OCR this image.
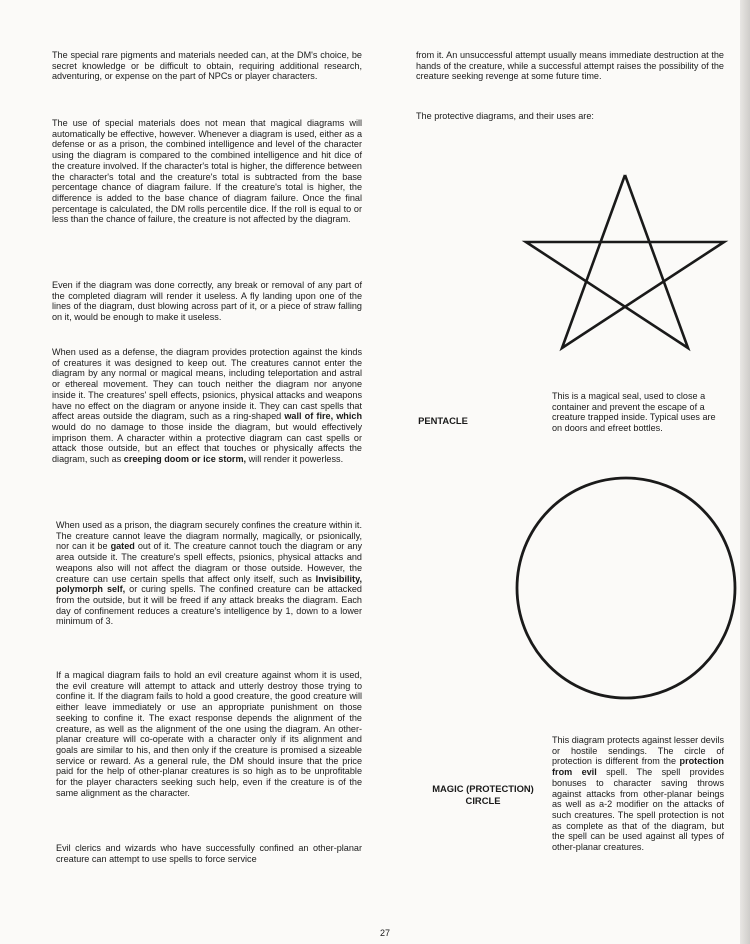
The special rare pigments and materials needed can, at the DM's choice, be secret knowledge or be difficult to obtain, requiring additional research, adventuring, or expense on the part of NPCs or player characters.

The use of special materials does not mean that magical diagrams will automatically be effective, however. Whenever a diagram is used, either as a defense or as a prison, the combined intelligence and level of the character using the diagram is compared to the combined intelligence and hit dice of the creature involved. If the character's total is higher, the difference between the character's total and the creature's total is subtracted from the base percentage chance of diagram failure. If the creature's total is higher, the difference is added to the base chance of diagram failure. Once the final percentage is calculated, the DM rolls percentile dice. If the roll is equal to or less than the chance of failure, the creature is not affected by the diagram.

Even if the diagram was done correctly, any break or removal of any part of the completed diagram will render it useless. A fly landing upon one of the lines of the diagram, dust blowing across part of it, or a piece of straw falling on it, would be enough to make it useless.

When used as a defense, the diagram provides protection against the kinds of creatures it was designed to keep out. The creatures cannot enter the diagram by any normal or magical means, including teleportation and astral or ethereal movement. They can touch neither the diagram nor anyone inside it. The creatures' spell effects, psionics, physical attacks and weapons have no effect on the diagram or anyone inside it. They can cast spells that affect areas outside the diagram, such as a ring-shaped wall of fire, which would do no damage to those inside the diagram, but would effectively imprison them. A character within a protective diagram can cast spells or attack those outside, but an effect that touches or physically affects the diagram, such as creeping doom or ice storm, will render it powerless.

When used as a prison, the diagram securely confines the creature within it. The creature cannot leave the diagram normally, magically, or psionically, nor can it be gated out of it. The creature cannot touch the diagram or any area outside it. The creature's spell effects, psionics, physical attacks and weapons also will not affect the diagram or those outside. However, the creature can use certain spells that affect only itself, such as Invisibility, polymorph self, or curing spells. The confined creature can be attacked from the outside, but it will be freed if any attack breaks the diagram. Each day of confinement reduces a creature's intelligence by 1, down to a lower minimum of 3.

If a magical diagram fails to hold an evil creature against whom it is used, the evil creature will attempt to attack and utterly destroy those trying to confine it. If the diagram fails to hold a good creature, the good creature will either leave immediately or use an appropriate punishment on those seeking to confine it. The exact response depends the alignment of the creature, as well as the alignment of the one using the diagram. An other-planar creature will co-operate with a character only if its alignment and goals are similar to his, and then only if the creature is promised a sizeable service or reward. As a general rule, the DM should insure that the price paid for the help of other-planar creatures is so high as to be unprofitable for the player characters seeking such help, even if the creature is of the same alignment as the character.

Evil clerics and wizards who have successfully confined an other-planar creature can attempt to use spells to force service

from it. An unsuccessful attempt usually means immediate destruction at the hands of the creature, while a successful attempt raises the possibility of the creature seeking revenge at some future time.

The protective diagrams, and their uses are:

PENTACLE

This is a magical seal, used to close a container and prevent the escape of a creature trapped inside. Typical uses are on doors and efreet bottles.

MAGIC (PROTECTION)
CIRCLE

This diagram protects against lesser devils or hostile sendings. The circle of protection is different from the protection from evil spell. The spell provides bonuses to character saving throws against attacks from other-planar beings as well as a-2 modifier on the attacks of such creatures. The spell protection is not as complete as that of the diagram, but the spell can be used against all types of other-planar creatures.

27
